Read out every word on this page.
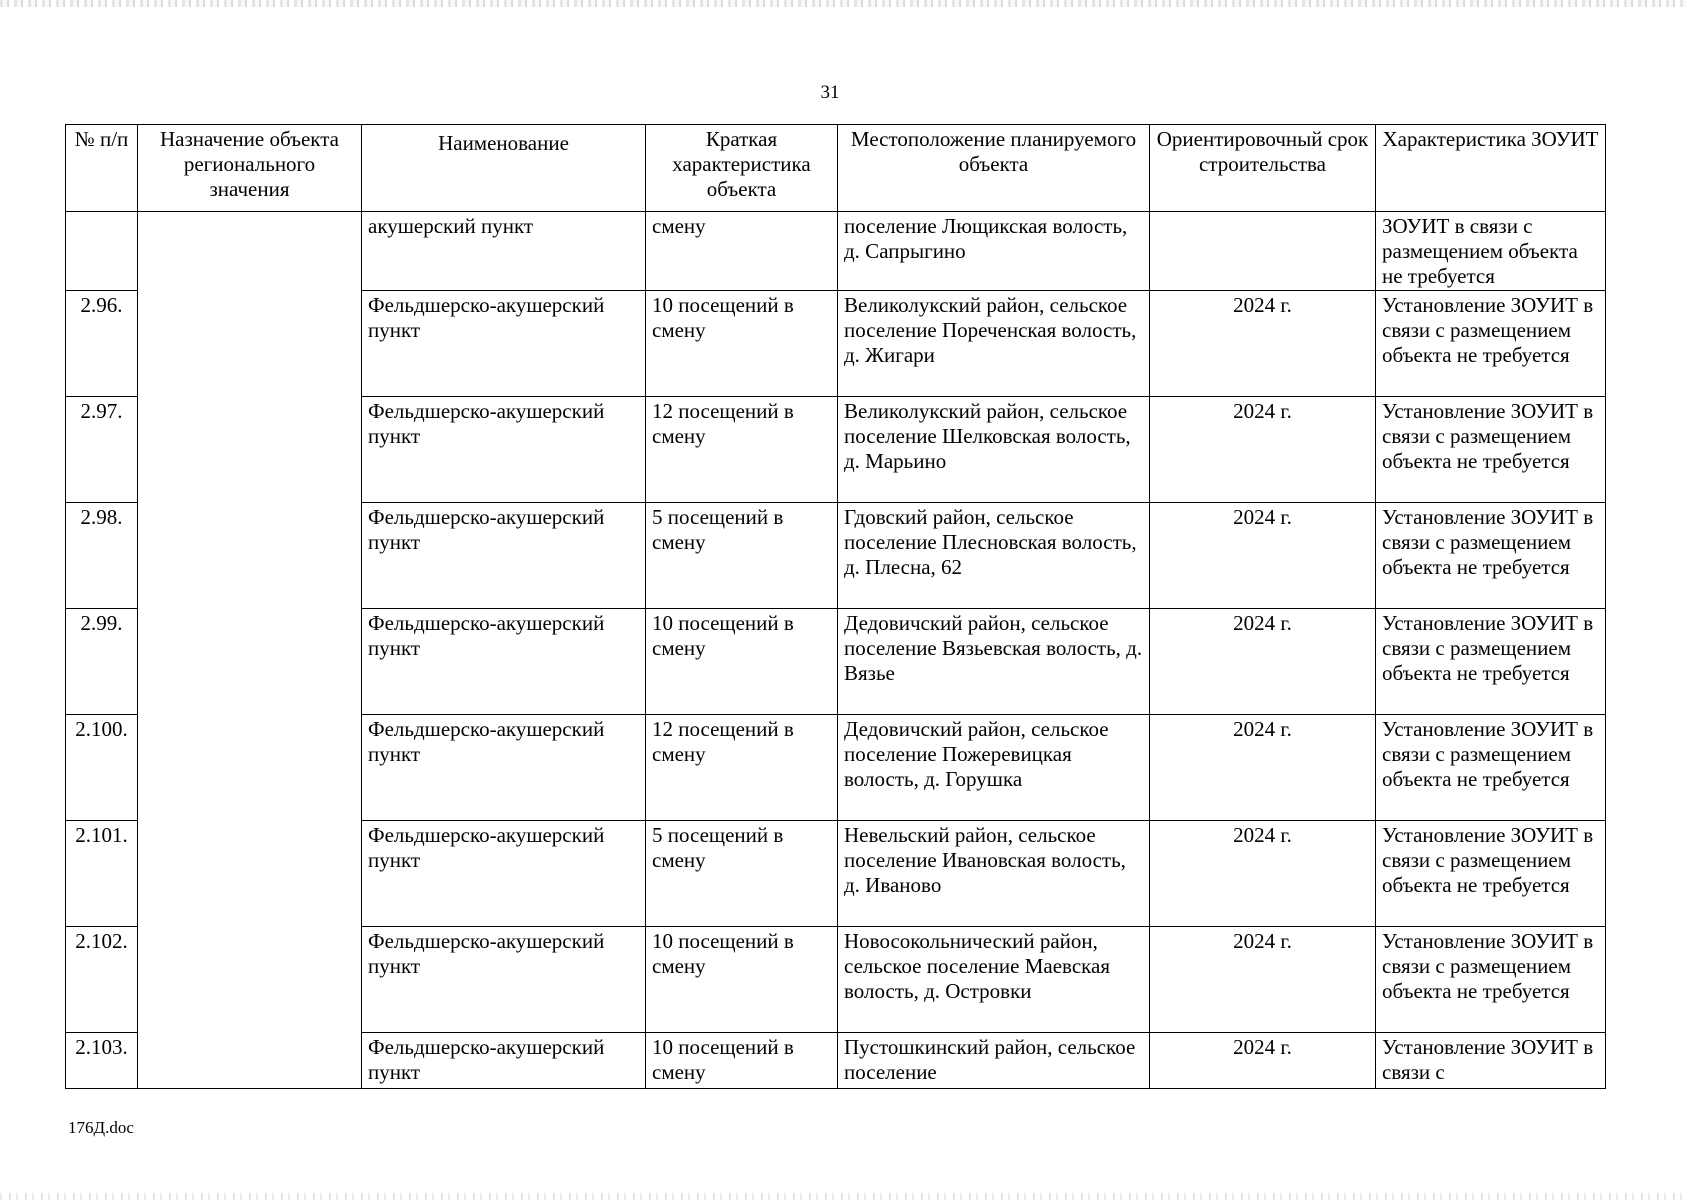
31
№ п/п	Назначение объекта регионального значения	Наименование	Краткая характеристика объекта	Местоположение планируемого объекта	Ориентировочный срок строительства	Характеристика ЗОУИТ
		акушерский пункт	смену	поселение Лющикская волость, д. Сапрыгино		ЗОУИТ в связи с размещением объекта не требуется
2.96.		Фельдшерско-акушерский пункт	10 посещений в смену	Великолукский район, сельское поселение Пореченская волость, д. Жигари	2024 г.	Установление ЗОУИТ в связи с размещением объекта не требуется
2.97.		Фельдшерско-акушерский пункт	12 посещений в смену	Великолукский район, сельское поселение Шелковская волость, д. Марьино	2024 г.	Установление ЗОУИТ в связи с размещением объекта не требуется
2.98.		Фельдшерско-акушерский пункт	5 посещений в смену	Гдовский район, сельское поселение Плесновская волость, д. Плесна, 62	2024 г.	Установление ЗОУИТ в связи с размещением объекта не требуется
2.99.		Фельдшерско-акушерский пункт	10 посещений в смену	Дедовичский район, сельское поселение Вязьевская волость, д. Вязье	2024 г.	Установление ЗОУИТ в связи с размещением объекта не требуется
2.100.		Фельдшерско-акушерский пункт	12 посещений в смену	Дедовичский район, сельское поселение Пожеревицкая волость, д. Горушка	2024 г.	Установление ЗОУИТ в связи с размещением объекта не требуется
2.101.		Фельдшерско-акушерский пункт	5 посещений в смену	Невельский район, сельское поселение Ивановская волость, д. Иваново	2024 г.	Установление ЗОУИТ в связи с размещением объекта не требуется
2.102.		Фельдшерско-акушерский пункт	10 посещений в смену	Новосокольнический район, сельское поселение Маевская волость, д. Островки	2024 г.	Установление ЗОУИТ в связи с размещением объекта не требуется
2.103.		Фельдшерско-акушерский пункт	10 посещений в смену	Пустошкинский район, сельское поселение	2024 г.	Установление ЗОУИТ в связи с
176Д.doc
